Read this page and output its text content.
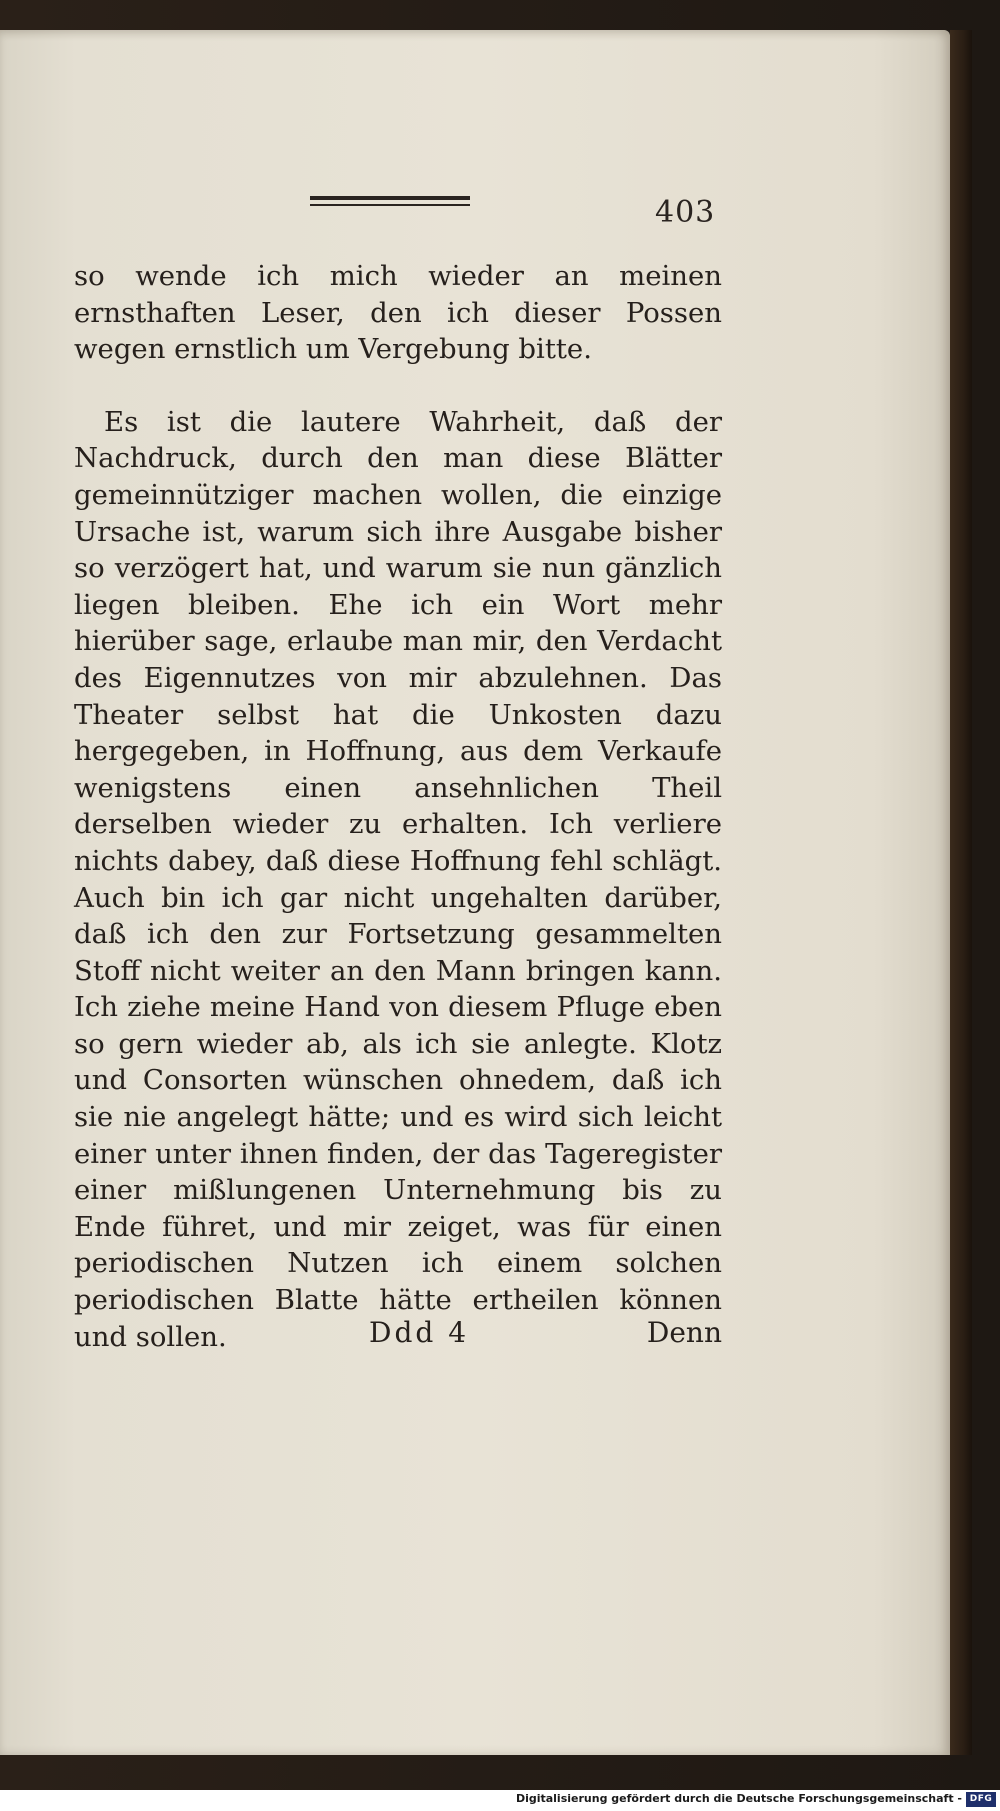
403

so wende ich mich wieder an meinen ernsthaften Leser, den ich dieser Possen wegen ernstlich um Vergebung bitte.

Es ist die lautere Wahrheit, daß der Nachdruck, durch den man diese Blätter gemeinnütziger machen wollen, die einzige Ursache ist, warum sich ihre Ausgabe bisher so verzögert hat, und warum sie nun gänzlich liegen bleiben. Ehe ich ein Wort mehr hierüber sage, erlaube man mir, den Verdacht des Eigennutzes von mir abzulehnen. Das Theater selbst hat die Unkosten dazu hergegeben, in Hoffnung, aus dem Verkaufe wenigstens einen ansehnlichen Theil derselben wieder zu erhalten. Ich verliere nichts dabey, daß diese Hoffnung fehl schlägt. Auch bin ich gar nicht ungehalten darüber, daß ich den zur Fortsetzung gesammelten Stoff nicht weiter an den Mann bringen kann. Ich ziehe meine Hand von diesem Pfluge eben so gern wieder ab, als ich sie anlegte. Klotz und Consorten wünschen ohnedem, daß ich sie nie angelegt hätte; und es wird sich leicht einer unter ihnen finden, der das Tageregister einer mißlungenen Unternehmung bis zu Ende führet, und mir zeiget, was für einen periodischen Nutzen ich einem solchen periodischen Blatte hätte ertheilen können und sollen.	Ddd 4	Denn
Digitalisierung gefördert durch die Deutsche Forschungsgemeinschaft - DFG
